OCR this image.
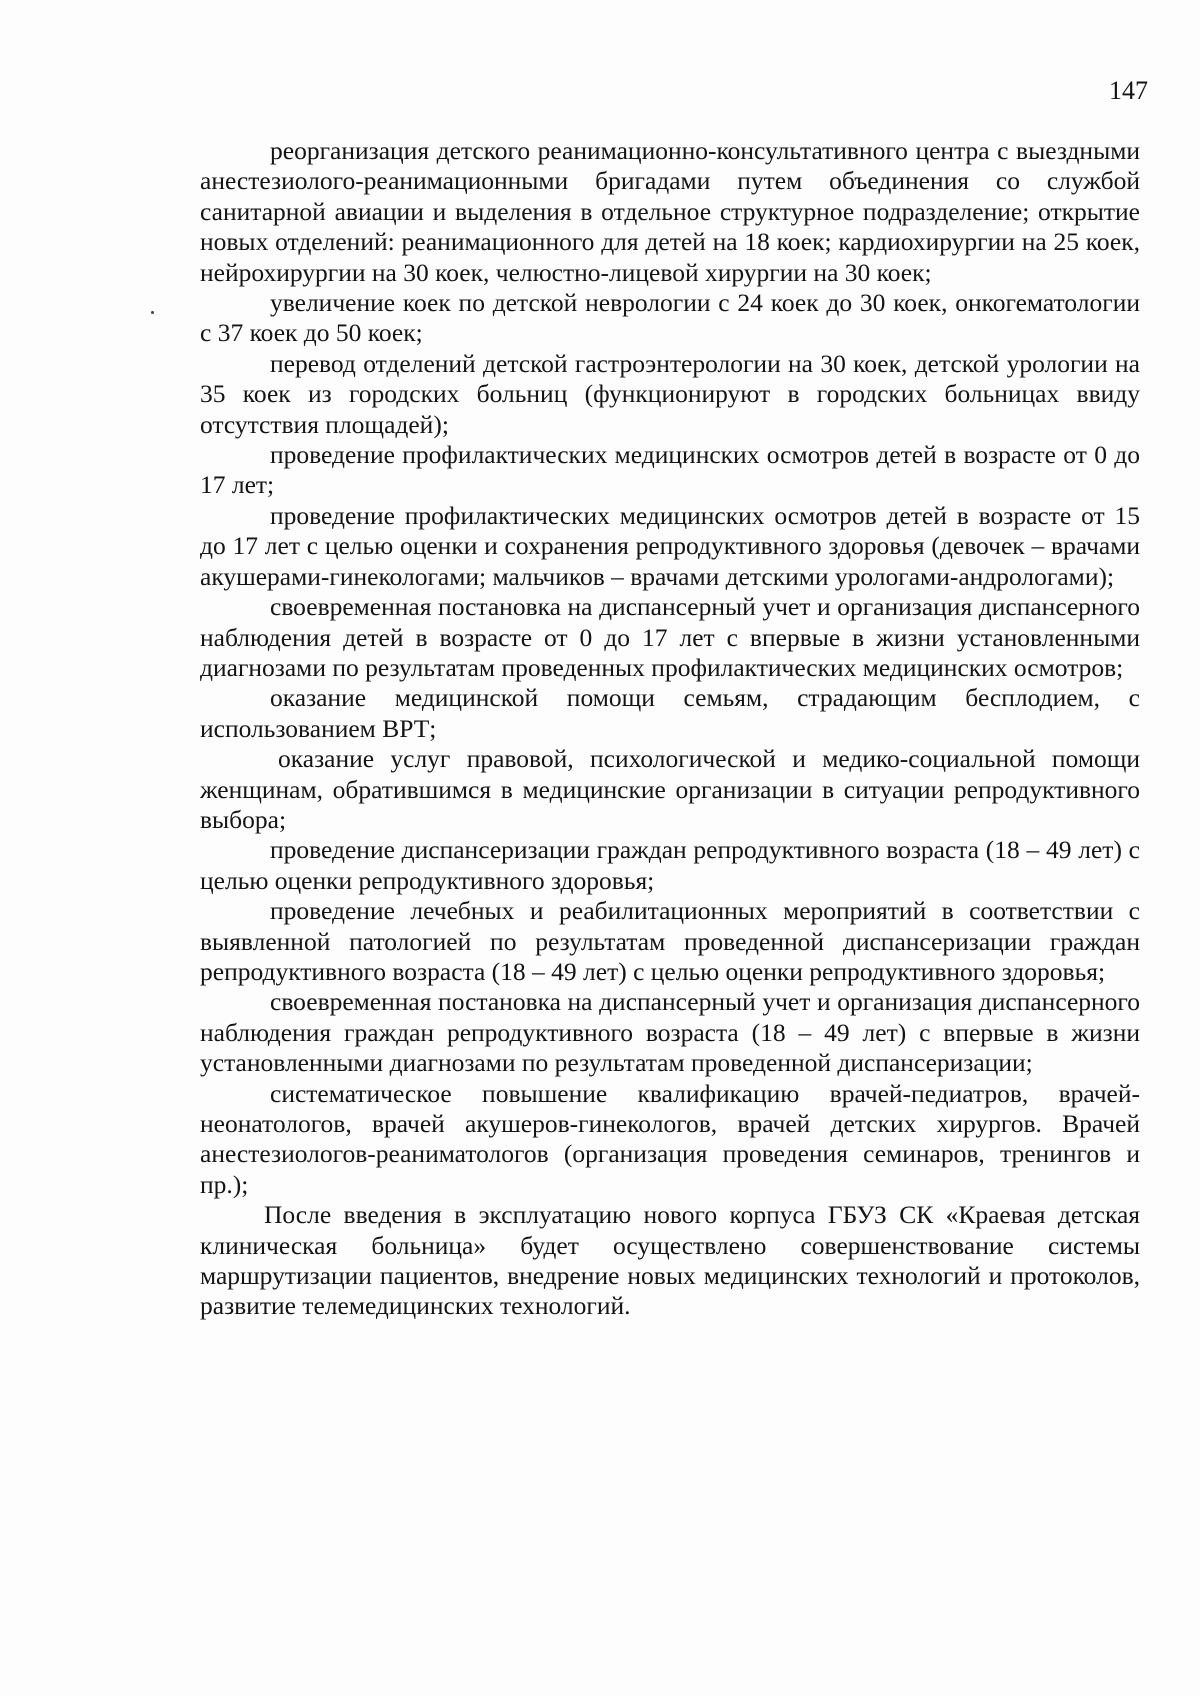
147

реорганизация детского реанимационно-консультативного центра с выездными анестезиолого-реанимационными бригадами путем объединения со службой санитарной авиации и выделения в отдельное структурное подразделение; открытие новых отделений: реанимационного для детей на 18 коек; кардиохирургии на 25 коек, нейрохирургии на 30 коек, челюстно-лицевой хирургии на 30 коек;

увеличение коек по детской неврологии с 24 коек до 30 коек, онкогематологии с 37 коек до 50 коек;

перевод отделений детской гастроэнтерологии на 30 коек, детской урологии на 35 коек из городских больниц (функционируют в городских больницах ввиду отсутствия площадей);

проведение профилактических медицинских осмотров детей в возрасте от 0 до 17 лет;

проведение профилактических медицинских осмотров детей в возрасте от 15 до 17 лет с целью оценки и сохранения репродуктивного здоровья (девочек – врачами акушерами-гинекологами; мальчиков – врачами детскими урологами-андрологами);

своевременная постановка на диспансерный учет и организация диспансерного наблюдения детей в возрасте от 0 до 17 лет с впервые в жизни установленными диагнозами по результатам проведенных профилактических медицинских осмотров;

оказание медицинской помощи семьям, страдающим бесплодием, с использованием ВРТ;

оказание услуг правовой, психологической и медико-социальной помощи женщинам, обратившимся в медицинские организации в ситуации репродуктивного выбора;

проведение диспансеризации граждан репродуктивного возраста (18 – 49 лет) с целью оценки репродуктивного здоровья;

проведение лечебных и реабилитационных мероприятий в соответствии с выявленной патологией по результатам проведенной диспансеризации граждан репродуктивного возраста (18 – 49 лет) с целью оценки репродуктивного здоровья;

своевременная постановка на диспансерный учет и организация диспансерного наблюдения граждан репродуктивного возраста (18 – 49 лет) с впервые в жизни установленными диагнозами по результатам проведенной диспансеризации;

систематическое повышение квалификацию врачей-педиатров, врачей-неонатологов, врачей акушеров-гинекологов, врачей детских хирургов. Врачей анестезиологов-реаниматологов (организация проведения семинаров, тренингов и пр.);

После введения в эксплуатацию нового корпуса ГБУЗ СК «Краевая детская клиническая больница» будет осуществлено совершенствование системы маршрутизации пациентов, внедрение новых медицинских технологий и протоколов, развитие телемедицинских технологий.
